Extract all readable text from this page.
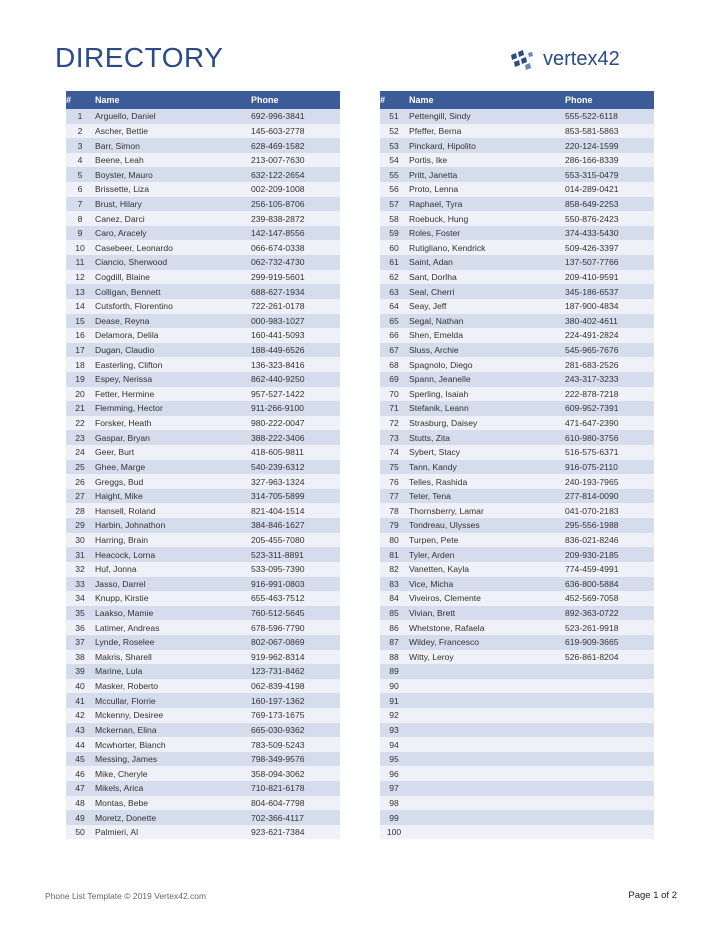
DIRECTORY	vertex42.
#	Name	Phone
1	Arguello, Daniel	692-996-3841
2	Ascher, Bettie	145-603-2778
3	Barr, Simon	628-469-1582
4	Beene, Leah	213-007-7630
5	Boyster, Mauro	632-122-2654
6	Brissette, Liza	002-209-1008
7	Brust, Hilary	256-105-8706
8	Canez, Darci	239-838-2872
9	Caro, Aracely	142-147-8556
10	Casebeer, Leonardo	066-674-0338
11	Ciancio, Sherwood	062-732-4730
12	Cogdill, Blaine	299-919-5601
13	Colligan, Bennett	688-627-1934
14	Cutsforth, Florentino	722-261-0178
15	Dease, Reyna	000-983-1027
16	Delamora, Delila	160-441-5093
17	Dugan, Claudio	188-449-6526
18	Easterling, Clifton	136-323-8416
19	Espey, Nerissa	862-440-9250
20	Fetter, Hermine	957-527-1422
21	Flemming, Hector	911-266-9100
22	Forsker, Heath	980-222-0047
23	Gaspar, Bryan	388-222-3406
24	Geer, Burt	418-605-9811
25	Ghee, Marge	540-239-6312
26	Greggs, Bud	327-963-1324
27	Haight, Mike	314-705-5899
28	Hansell, Roland	821-404-1514
29	Harbin, Johnathon	384-846-1627
30	Harring, Brain	205-455-7080
31	Heacock, Lorna	523-311-8891
32	Huf, Jonna	533-095-7390
33	Jasso, Darrel	916-991-0803
34	Knupp, Kirstie	655-463-7512
35	Laakso, Mamie	760-512-5645
36	Latimer, Andreas	678-596-7790
37	Lynde, Roselee	802-067-0869
38	Makris, Sharell	919-962-8314
39	Marine, Lula	123-731-8462
40	Masker, Roberto	062-839-4198
41	Mccullar, Florrie	160-197-1362
42	Mckenny, Desiree	769-173-1675
43	Mckernan, Elina	665-030-9362
44	Mcwhorter, Blanch	783-509-5243
45	Messing, James	798-349-9576
46	Mike, Cheryle	358-094-3062
47	Mikels, Arica	710-821-6178
48	Montas, Bebe	804-604-7798
49	Moretz, Donette	702-366-4117
50	Palmieri, Al	923-621-7384
#	Name	Phone
51	Pettengill, Sindy	555-522-6118
52	Pfeffer, Berna	853-581-5863
53	Pinckard, Hipolito	220-124-1599
54	Portis, Ike	286-166-8339
55	Pritt, Janetta	553-315-0479
56	Proto, Lenna	014-289-0421
57	Raphael, Tyra	858-649-2253
58	Roebuck, Hung	550-876-2423
59	Roles, Foster	374-433-5430
60	Rutigliano, Kendrick	509-426-3397
61	Saint, Adan	137-507-7766
62	Sant, Dorlha	209-410-9591
63	Seal, Cherri	345-186-6537
64	Seay, Jeff	187-900-4834
65	Segal, Nathan	380-402-4611
66	Shen, Emelda	224-491-2824
67	Sluss, Archie	545-965-7676
68	Spagnolo, Diego	281-683-2526
69	Spann, Jeanelle	243-317-3233
70	Sperling, Isaiah	222-878-7218
71	Stefanik, Leann	609-952-7391
72	Strasburg, Daisey	471-647-2390
73	Stutts, Zita	610-980-3756
74	Sybert, Stacy	516-575-6371
75	Tann, Kandy	916-075-2110
76	Telles, Rashida	240-193-7965
77	Teter, Tena	277-814-0090
78	Thornsberry, Lamar	041-070-2183
79	Tondreau, Ulysses	295-556-1988
80	Turpen, Pete	836-021-8246
81	Tyler, Arden	209-930-2185
82	Vanetten, Kayla	774-459-4991
83	Vice, Micha	636-800-5884
84	Viveiros, Clemente	452-569-7058
85	Vivian, Brett	892-363-0722
86	Whetstone, Rafaela	523-261-9918
87	Wildey, Francesco	619-909-3665
88	Witty, Leroy	526-861-8204
89		
90		
91		
92		
93		
94		
95		
96		
97		
98		
99		
100		
Phone List Template © 2019 Vertex42.com	Page 1 of 2
